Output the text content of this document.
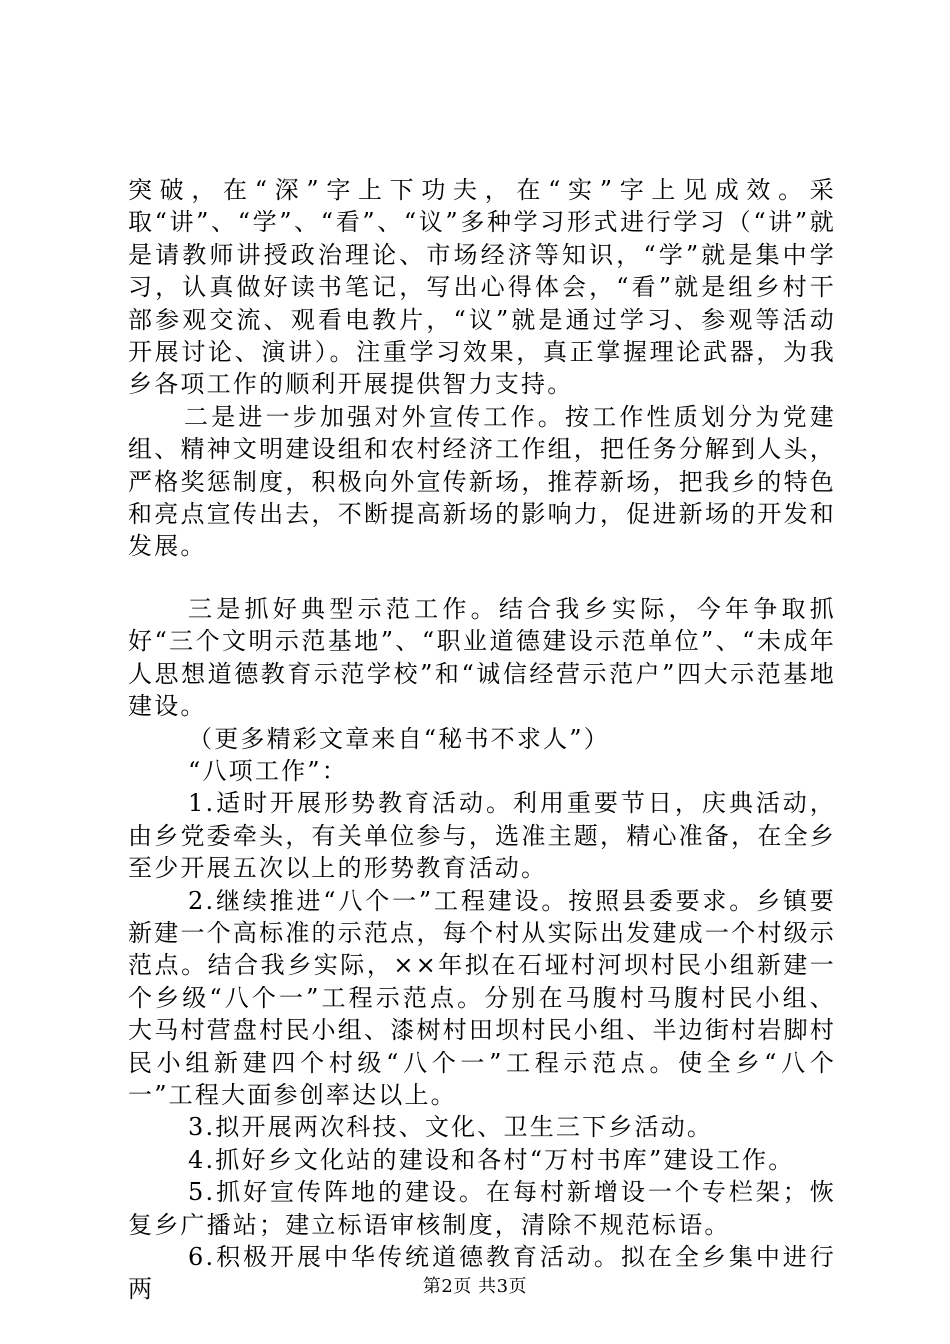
突破，在“深”字上下功夫，在“实”字上见成效。采取“讲”、“学”、“看”、“议”多种学习形式进行学习（“讲”就是请教师讲授政治理论、市场经济等知识，“学”就是集中学习，认真做好读书笔记，写出心得体会，“看”就是组乡村干部参观交流、观看电教片，“议”就是通过学习、参观等活动开展讨论、演讲）。注重学习效果，真正掌握理论武器，为我乡各项工作的顺利开展提供智力支持。

二是进一步加强对外宣传工作。按工作性质划分为党建组、精神文明建设组和农村经济工作组，把任务分解到人头，严格奖惩制度，积极向外宣传新场，推荐新场，把我乡的特色和亮点宣传出去，不断提高新场的影响力，促进新场的开发和发展。

三是抓好典型示范工作。结合我乡实际，今年争取抓好“三个文明示范基地”、“职业道德建设示范单位”、“未成年人思想道德教育示范学校”和“诚信经营示范户”四大示范基地建设。

（更多精彩文章来自“秘书不求人”）

“八项工作”：

1.适时开展形势教育活动。利用重要节日，庆典活动，由乡党委牵头，有关单位参与，选准主题，精心准备，在全乡至少开展五次以上的形势教育活动。

2.继续推进“八个一”工程建设。按照县委要求。乡镇要新建一个高标准的示范点，每个村从实际出发建成一个村级示范点。结合我乡实际，××年拟在石垭村河坝村民小组新建一个乡级“八个一”工程示范点。分别在马腹村马腹村民小组、大马村营盘村民小组、漆树村田坝村民小组、半边街村岩脚村民小组新建四个村级“八个一”工程示范点。使全乡“八个一”工程大面参创率达以上。

3.拟开展两次科技、文化、卫生三下乡活动。

4.抓好乡文化站的建设和各村“万村书库”建设工作。

5.抓好宣传阵地的建设。在每村新增设一个专栏架；恢复乡广播站；建立标语审核制度，清除不规范标语。

6.积极开展中华传统道德教育活动。拟在全乡集中进行两	第2页 共3页
